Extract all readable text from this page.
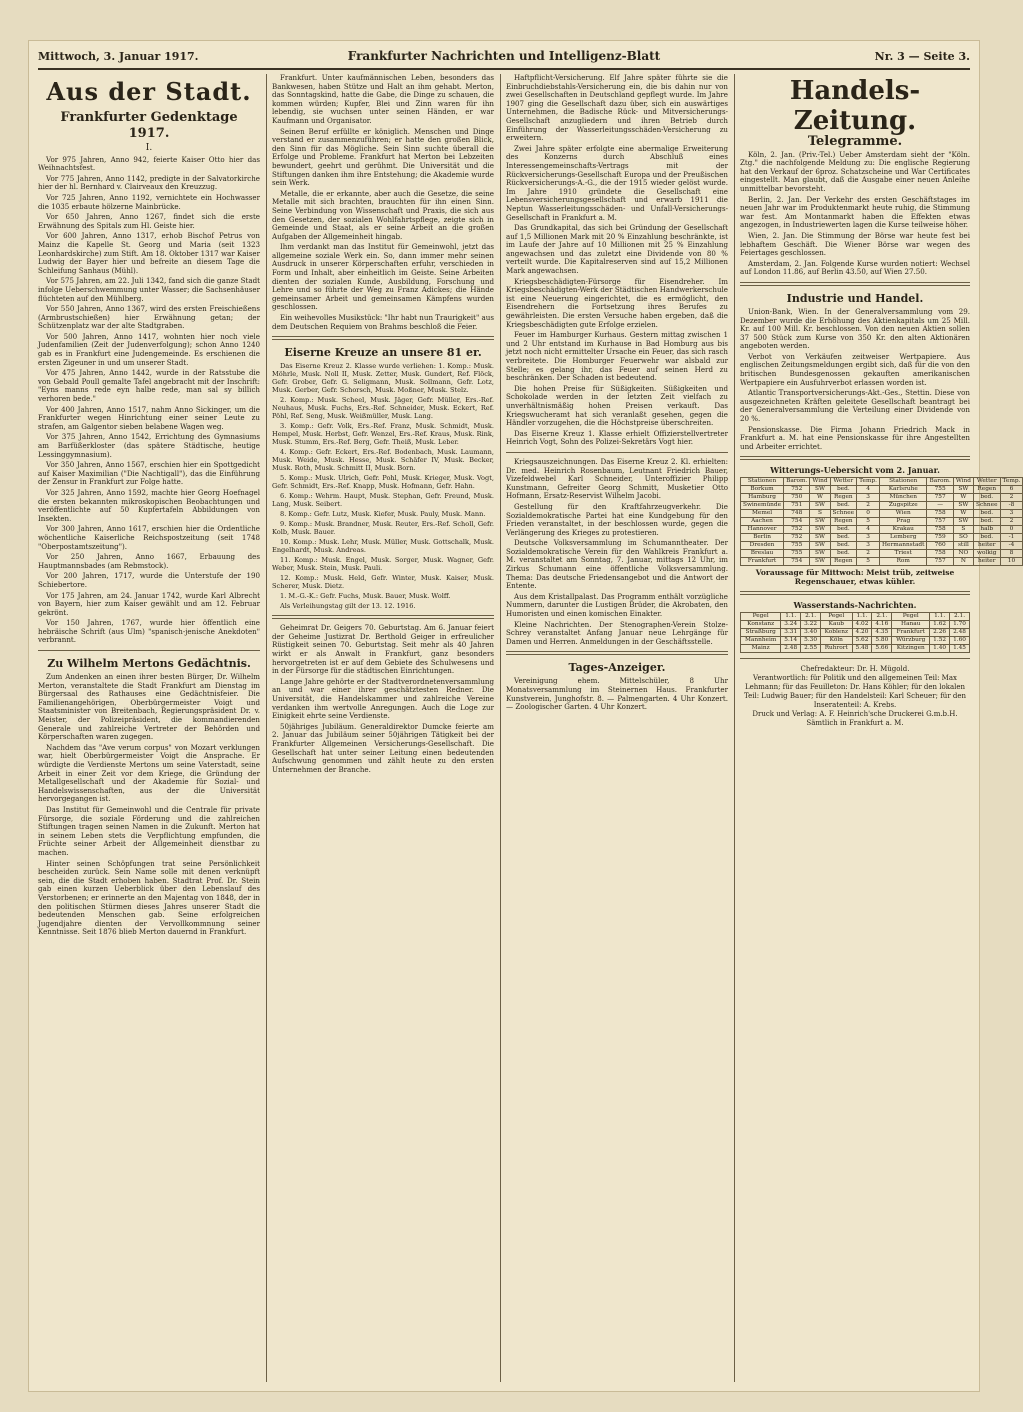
Mittwoch, 3. Januar 1917.	Frankfurter Nachrichten und Intelligenz-Blatt	Nr. 3 — Seite 3.
Aus der Stadt.
Frankfurter Gedenktage 1917.
I.

Vor 975 Jahren, Anno 942, feierte Kaiser Otto hier das Weihnachtsfest.

Vor 775 Jahren, Anno 1142, predigte in der Salvatorkirche hier der hl. Bernhard v. Clairveaux den Kreuzzug.

Vor 725 Jahren, Anno 1192, vernichtete ein Hochwasser die 1035 erbaute hölzerne Mainbrücke.

Vor 650 Jahren, Anno 1267, findet sich die erste Erwähnung des Spitals zum Hl. Geiste hier.

Vor 600 Jahren, Anno 1317, erhob Bischof Petrus von Mainz die Kapelle St. Georg und Maria (seit 1323 Leonhardskirche) zum Stift. Am 18. Oktober 1317 war Kaiser Ludwig der Bayer hier und befreite an diesem Tage die Schleifung Sanhaus (Mühl).

Vor 575 Jahren, am 22. Juli 1342, fand sich die ganze Stadt infolge Ueberschwemmung unter Wasser; die Sachsenhäuser flüchteten auf den Mühlberg.

Vor 550 Jahren, Anno 1367, wird des ersten Freischießens (Armbrustschießen) hier Erwähnung getan; der Schützenplatz war der alte Stadtgraben.

Vor 500 Jahren, Anno 1417, wohnten hier noch viele Judenfamilien (Zeit der Judenverfolgung); schon Anno 1240 gab es in Frankfurt eine Judengemeinde. Es erschienen die ersten Zigeuner in und um unserer Stadt.

Vor 475 Jahren, Anno 1442, wurde in der Ratsstube die von Gebald Poull gemalte Tafel angebracht mit der Inschrift: "Eyns manns rede eyn halbe rede, man sal sy billich verhoren bede."

Vor 400 Jahren, Anno 1517, nahm Anno Sickinger, um die Frankfurter wegen Hinrichtung einer seiner Leute zu strafen, am Galgentor sieben belabene Wagen weg.

Vor 375 Jahren, Anno 1542, Errichtung des Gymnasiums am Barfüßerkloster (das spätere Städtische, heutige Lessinggymnasium).

Vor 350 Jahren, Anno 1567, erschien hier ein Spottgedicht auf Kaiser Maximilian ("Die Nachtigall"), das die Einführung der Zensur in Frankfurt zur Folge hatte.

Vor 325 Jahren, Anno 1592, machte hier Georg Hoefnagel die ersten bekannten mikroskopischen Beobachtungen und veröffentlichte auf 50 Kupfertafeln Abbildungen von Insekten.

Vor 300 Jahren, Anno 1617, erschien hier die Ordentliche wöchentliche Kaiserliche Reichspostzeitung (seit 1748 "Oberpostamtszeitung").

Vor 250 Jahren, Anno 1667, Erbauung des Hauptmannsbades (am Rebmstock).

Vor 200 Jahren, 1717, wurde die Unterstufe der 190 Schiebertore.

Vor 175 Jahren, am 24. Januar 1742, wurde Karl Albrecht von Bayern, hier zum Kaiser gewählt und am 12. Februar gekrönt.

Vor 150 Jahren, 1767, wurde hier öffentlich eine hebräische Schrift (aus Ulm) "spanisch-jenische Anekdoten" verbrannt.

Zu Wilhelm Mertons Gedächtnis.

Zum Andenken an einen ihrer besten Bürger, Dr. Wilhelm Merton, veranstaltete die Stadt Frankfurt am Dienstag im Bürgersaal des Rathauses eine Gedächtnisfeier. Die Familienangehörigen, Oberbürgermeister Voigt und Staatsminister von Breitenbach, Regierungspräsident Dr. v. Meister, der Polizeipräsident, die kommandierenden Generale und zahlreiche Vertreter der Behörden und Körperschaften waren zugegen.

Nachdem das "Ave verum corpus" von Mozart verklungen war, hielt Oberbürgermeister Voigt die Ansprache. Er würdigte die Verdienste Mertons um seine Vaterstadt, seine Arbeit in einer Zeit vor dem Kriege, die Gründung der Metallgesellschaft und der Akademie für Sozial- und Handelswissenschaften, aus der die Universität hervorgegangen ist.

Das Institut für Gemeinwohl und die Centrale für private Fürsorge, die soziale Förderung und die zahlreichen Stiftungen tragen seinen Namen in die Zukunft. Merton hat in seinem Leben stets die Verpflichtung empfunden, die Früchte seiner Arbeit der Allgemeinheit dienstbar zu machen.

Hinter seinen Schöpfungen trat seine Persönlichkeit bescheiden zurück. Sein Name solle mit denen verknüpft sein, die die Stadt erhoben haben. Stadtrat Prof. Dr. Stein gab einen kurzen Ueberblick über den Lebenslauf des Verstorbenen; er erinnerte an den Majentag von 1848, der in den politischen Stürmen dieses Jahres unserer Stadt die bedeutenden Menschen gab. Seine erfolgreichen Jugendjahre dienten der Vervollkommnung seiner Kenntnisse. Seit 1876 blieb Merton dauernd in Frankfurt.

Frankfurt. Unter kaufmännischen Leben, besonders das Bankwesen, haben Stütze und Halt an ihm gehabt. Merton, das Sonntagskind, hatte die Gabe, die Dinge zu schauen, die kommen würden; Kupfer, Blei und Zinn waren für ihn lebendig, sie wuchsen unter seinen Händen, er war Kaufmann und Organisator.

Seinen Beruf erfüllte er königlich. Menschen und Dinge verstand er zusammenzuführen; er hatte den großen Blick, den Sinn für das Mögliche. Sein Sinn suchte überall die Erfolge und Probleme. Frankfurt hat Merton bei Lebzeiten bewundert, geehrt und gerühmt. Die Universität und die Stiftungen danken ihm ihre Entstehung; die Akademie wurde sein Werk.

Metalle, die er erkannte, aber auch die Gesetze, die seine Metalle mit sich brachten, brauchten für ihn einen Sinn. Seine Verbindung von Wissenschaft und Praxis, die sich aus den Gesetzen, der sozialen Wohlfahrtspflege, zeigte sich in Gemeinde und Staat, als er seine Arbeit an die großen Aufgaben der Allgemeinheit hingab.

Ihm verdankt man das Institut für Gemeinwohl, jetzt das allgemeine soziale Werk ein. So, dann immer mehr seinen Ausdruck in unserer Körperschaften erfuhr, verschieden in Form und Inhalt, aber einheitlich im Geiste. Seine Arbeiten dienten der sozialen Kunde, Ausbildung, Forschung und Lehre und so führte der Weg zu Franz Adickes; die Hände gemeinsamer Arbeit und gemeinsamen Kämpfens wurden geschlossen.

Ein weihevolles Musikstück: "Ihr habt nun Traurigkeit" aus dem Deutschen Requiem von Brahms beschloß die Feier.

Eiserne Kreuze an unsere 81 er.

Das Eiserne Kreuz 2. Klasse wurde verliehen: 1. Komp.: Musk. Möhrle, Musk. Noll II, Musk. Zetter, Musk. Gundert, Ref. Flöck, Gefr. Grober, Gefr. G. Seligmann, Musk. Sollmann, Gefr. Lotz, Musk. Gerber, Gefr. Schorsch, Musk. Moßner, Musk. Stelz.

2. Komp.: Musk. Scheel, Musk. Jäger, Gefr. Müller, Ers.-Ref. Neuhaus, Musk. Fuchs, Ers.-Ref. Schneider, Musk. Eckert, Ref. Pöhl, Ref. Seng, Musk. Weißmüller, Musk. Lang.

3. Komp.: Gefr. Volk, Ers.-Ref. Franz, Musk. Schmidt, Musk. Hempel, Musk. Herbst, Gefr. Wenzel, Ers.-Ref. Kraus, Musk. Rink, Musk. Stumm, Ers.-Ref. Berg, Gefr. Theiß, Musk. Leber.

4. Komp.: Gefr. Eckert, Ers.-Ref. Bodenbach, Musk. Laumann, Musk. Weide, Musk. Hesse, Musk. Schäfer IV, Musk. Becker, Musk. Roth, Musk. Schmitt II, Musk. Born.

5. Komp.: Musk. Ulrich, Gefr. Pohl, Musk. Krieger, Musk. Vogt, Gefr. Schmidt, Ers.-Ref. Knapp, Musk. Hofmann, Gefr. Hahn.

6. Komp.: Wehrm. Haupt, Musk. Stephan, Gefr. Freund, Musk. Lang, Musk. Seibert.

8. Komp.: Gefr. Lutz, Musk. Kiefer, Musk. Pauly, Musk. Mann.

9. Komp.: Musk. Brandner, Musk. Reuter, Ers.-Ref. Scholl, Gefr. Kolb, Musk. Bauer.

10. Komp.: Musk. Lehr, Musk. Müller, Musk. Gottschalk, Musk. Engelhardt, Musk. Andreas.

11. Komp.: Musk. Engel, Musk. Sorger, Musk. Wagner, Gefr. Weber, Musk. Stein, Musk. Pauli.

12. Komp.: Musk. Held, Gefr. Winter, Musk. Kaiser, Musk. Scherer, Musk. Dietz.

1. M.-G.-K.: Gefr. Fuchs, Musk. Bauer, Musk. Wolff.

Als Verleihungstag gilt der 13. 12. 1916.

Geheimrat Dr. Geigers 70. Geburtstag. Am 6. Januar feiert der Geheime Justizrat Dr. Berthold Geiger in erfreulicher Rüstigkeit seinen 70. Geburtstag. Seit mehr als 40 Jahren wirkt er als Anwalt in Frankfurt, ganz besonders hervorgetreten ist er auf dem Gebiete des Schulwesens und in der Fürsorge für die städtischen Einrichtungen.

Lange Jahre gehörte er der Stadtverordnetenversammlung an und war einer ihrer geschätztesten Redner. Die Universität, die Handelskammer und zahlreiche Vereine verdanken ihm wertvolle Anregungen. Auch die Loge zur Einigkeit ehrte seine Verdienste.

50jähriges Jubiläum. Generaldirektor Dumcke feierte am 2. Januar das Jubiläum seiner 50jährigen Tätigkeit bei der Frankfurter Allgemeinen Versicherungs-Gesellschaft. Die Gesellschaft hat unter seiner Leitung einen bedeutenden Aufschwung genommen und zählt heute zu den ersten Unternehmen der Branche.

Haftpflicht-Versicherung. Elf Jahre später führte sie die Einbruchdiebstahls-Versicherung ein, die bis dahin nur von zwei Gesellschaften in Deutschland gepflegt wurde. Im Jahre 1907 ging die Gesellschaft dazu über, sich ein auswärtiges Unternehmen, die Badische Rück- und Mitversicherungs-Gesellschaft anzugliedern und ihren Betrieb durch Einführung der Wasserleitungsschäden-Versicherung zu erweitern.

Zwei Jahre später erfolgte eine abermalige Erweiterung des Konzerns durch Abschluß eines Interessengemeinschafts-Vertrags mit der Rückversicherungs-Gesellschaft Europa und der Preußischen Rückversicherungs-A.-G., die der 1915 wieder gelöst wurde. Im Jahre 1910 gründete die Gesellschaft eine Lebensversicherungsgesellschaft und erwarb 1911 die Neptun Wasserleitungsschäden- und Unfall-Versicherungs-Gesellschaft in Frankfurt a. M.

Das Grundkapital, das sich bei Gründung der Gesellschaft auf 1,5 Millionen Mark mit 20 % Einzahlung beschränkte, ist im Laufe der Jahre auf 10 Millionen mit 25 % Einzahlung angewachsen und das zuletzt eine Dividende von 80 % verteilt wurde. Die Kapitalreserven sind auf 15,2 Millionen Mark angewachsen.

Kriegsbeschädigten-Fürsorge für Eisendreher. Im Kriegsbeschädigten-Werk der Städtischen Handwerkerschule ist eine Neuerung eingerichtet, die es ermöglicht, den Eisendrehern die Fortsetzung ihres Berufes zu gewährleisten. Die ersten Versuche haben ergeben, daß die Kriegsbeschädigten gute Erfolge erzielen.

Feuer im Hamburger Kurhaus. Gestern mittag zwischen 1 und 2 Uhr entstand im Kurhause in Bad Homburg aus bis jetzt noch nicht ermittelter Ursache ein Feuer, das sich rasch verbreitete. Die Homburger Feuerwehr war alsbald zur Stelle; es gelang ihr, das Feuer auf seinen Herd zu beschränken. Der Schaden ist bedeutend.

Die hohen Preise für Süßigkeiten. Süßigkeiten und Schokolade werden in der letzten Zeit vielfach zu unverhältnismäßig hohen Preisen verkauft. Das Kriegswucheramt hat sich veranlaßt gesehen, gegen die Händler vorzugehen, die die Höchstpreise überschreiten.

Das Eiserne Kreuz 1. Klasse erhielt Offizierstellvertreter Heinrich Vogt, Sohn des Polizei-Sekretärs Vogt hier.

Kriegsauszeichnungen. Das Eiserne Kreuz 2. Kl. erhielten: Dr. med. Heinrich Rosenbaum, Leutnant Friedrich Bauer, Vizefeldwebel Karl Schneider, Unteroffizier Philipp Kunstmann, Gefreiter Georg Schmitt, Musketier Otto Hofmann, Ersatz-Reservist Wilhelm Jacobi.

Gestellung für den Kraftfahrzeugverkehr. Die Sozialdemokratische Partei hat eine Kundgebung für den Frieden veranstaltet, in der beschlossen wurde, gegen die Verlängerung des Krieges zu protestieren.

Deutsche Volksversammlung im Schumanntheater. Der Sozialdemokratische Verein für den Wahlkreis Frankfurt a. M. veranstaltet am Sonntag, 7. Januar, mittags 12 Uhr, im Zirkus Schumann eine öffentliche Volksversammlung. Thema: Das deutsche Friedensangebot und die Antwort der Entente.

Aus dem Kristallpalast. Das Programm enthält vorzügliche Nummern, darunter die Lustigen Brüder, die Akrobaten, den Humoristen und einen komischen Einakter.

Kleine Nachrichten. Der Stenographen-Verein Stolze-Schrey veranstaltet Anfang Januar neue Lehrgänge für Damen und Herren. Anmeldungen in der Geschäftsstelle.

Tages-Anzeiger.

Vereinigung ehem. Mittelschüler, 8 Uhr Monatsversammlung im Steinernen Haus. Frankfurter Kunstverein, Junghofstr. 8. — Palmengarten. 4 Uhr Konzert. — Zoologischer Garten. 4 Uhr Konzert.

Handels-Zeitung.
Telegramme.

Köln, 2. Jan. (Priv.-Tel.) Ueber Amsterdam sieht der "Köln. Ztg." die nachfolgende Meldung zu: Die englische Regierung hat den Verkauf der 6proz. Schatzscheine und War Certificates eingestellt. Man glaubt, daß die Ausgabe einer neuen Anleihe unmittelbar bevorsteht.

Berlin, 2. Jan. Der Verkehr des ersten Geschäftstages im neuen Jahr war im Produktenmarkt heute ruhig, die Stimmung war fest. Am Montanmarkt haben die Effekten etwas angezogen, in Industriewerten lagen die Kurse teilweise höher.

Wien, 2. Jan. Die Stimmung der Börse war heute fest bei lebhaftem Geschäft. Die Wiener Börse war wegen des Feiertages geschlossen.

Amsterdam, 2. Jan. Folgende Kurse wurden notiert: Wechsel auf London 11.86, auf Berlin 43.50, auf Wien 27.50.

Industrie und Handel.

Union-Bank, Wien. In der Generalversammlung vom 29. Dezember wurde die Erhöhung des Aktienkapitals um 25 Mill. Kr. auf 100 Mill. Kr. beschlossen. Von den neuen Aktien sollen 37 500 Stück zum Kurse von 350 Kr. den alten Aktionären angeboten werden.

Verbot von Verkäufen zeitweiser Wertpapiere. Aus englischen Zeitungsmeldungen ergibt sich, daß für die von den britischen Bundesgenossen gekauften amerikanischen Wertpapiere ein Ausfuhrverbot erlassen worden ist.

Atlantic Transportversicherungs-Akt.-Ges., Stettin. Diese von ausgezeichneten Kräften geleitete Gesellschaft beantragt bei der Generalversammlung die Verteilung einer Dividende von 20 %.

Pensionskasse. Die Firma Johann Friedrich Mack in Frankfurt a. M. hat eine Pensionskasse für ihre Angestellten und Arbeiter errichtet.

Witterungs-Uebersicht vom 2. Januar.
Stationen	Barom.	Wind	Wetter	Temp.	Stationen	Barom.	Wind	Wetter	Temp.
Borkum	752	SW	bed.	4	Karlsruhe	755	SW	Regen	6
Hamburg	750	W	Regen	3	München	757	W	bed.	2
Swinemünde	751	SW	bed.	2	Zugspitze	—	SW	Schnee	-8
Memel	748	S	Schnee	0	Wien	758	W	bed.	3
Aachen	754	SW	Regen	5	Prag	757	SW	bed.	2
Hannover	752	SW	bed.	4	Krakau	758	S	halb	0
Berlin	752	SW	bed.	3	Lemberg	759	SO	bed.	-1
Dresden	755	SW	bed.	3	Hermannstadt	760	still	heiter	-4
Breslau	755	SW	bed.	2	Triest	758	NO	wolkig	8
Frankfurt	754	SW	Regen	5	Rom	757	N	heiter	10
Voraussage für Mittwoch: Meist trüb, zeitweise Regenschauer, etwas kühler.
Wasserstands-Nachrichten.
Pegel	1.1.	2.1.	Pegel	1.1.	2.1.	Pegel	1.1.	2.1.
Konstanz	3.24	3.22	Kaub	4.02	4.16	Hanau	1.62	1.70
Straßburg	3.31	3.40	Koblenz	4.20	4.35	Frankfurt	2.26	2.48
Mannheim	5.14	5.30	Köln	5.62	5.80	Würzburg	1.52	1.60
Mainz	2.48	2.55	Ruhrort	5.48	5.66	Kitzingen	1.40	1.45
Chefredakteur: Dr. H. Mügold.
Verantwortlich: für Politik und den allgemeinen Teil: Max Lehmann; für das Feuilleton: Dr. Hans Köhler; für den lokalen Teil: Ludwig Bauer; für den Handelsteil: Karl Scheuer; für den Inseratenteil: A. Krebs.
Druck und Verlag: A. F. Heinrich'sche Druckerei G.m.b.H.
Sämtlich in Frankfurt a. M.
